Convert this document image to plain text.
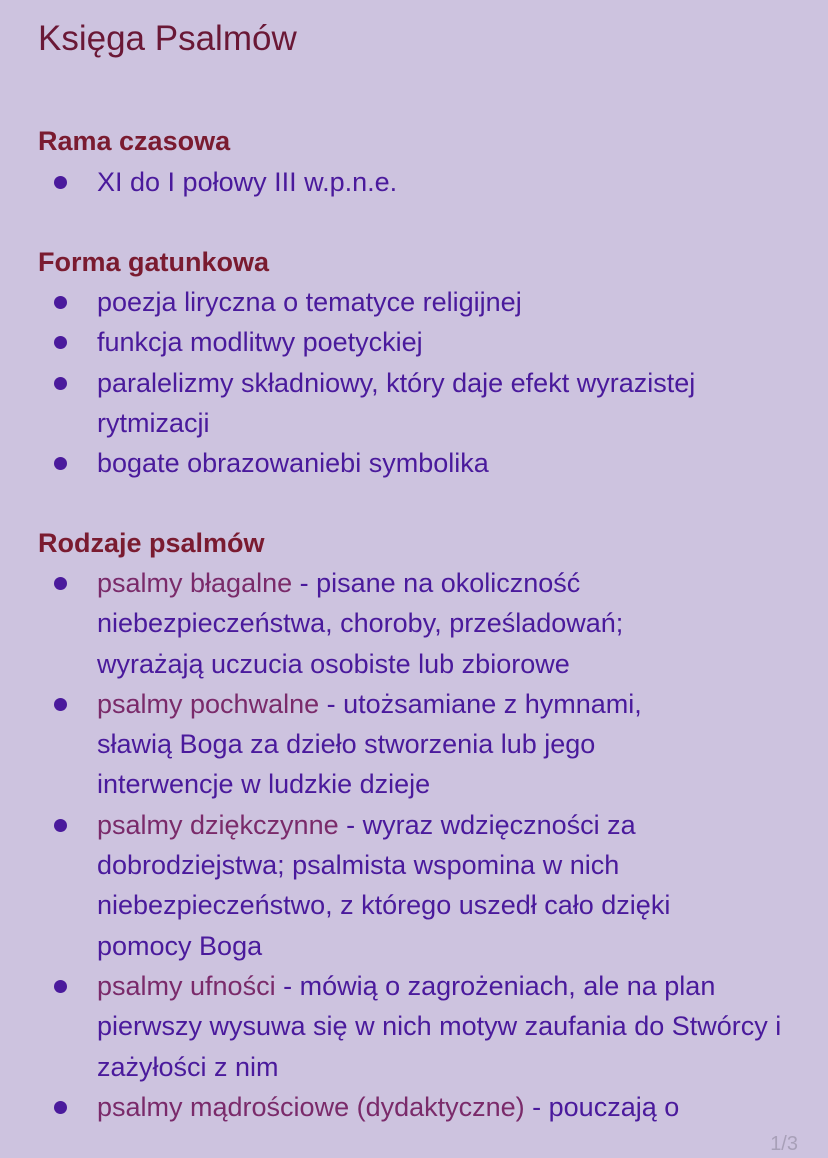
Księga Psalmów
Rama czasowa
XI do I połowy III w.p.n.e.
Forma gatunkowa
poezja liryczna o tematyce religijnej
funkcja modlitwy poetyckiej
paralelizmy składniowy, który daje efekt wyrazistej rytmizacji
bogate obrazowaniebi symbolika
Rodzaje psalmów
psalmy błagalne - pisane na okoliczność niebezpieczeństwa, choroby, prześladowań; wyrażają uczucia osobiste lub zbiorowe
psalmy pochwalne - utożsamiane z hymnami, sławią Boga za dzieło stworzenia lub jego interwencje w ludzkie dzieje
psalmy dziękczynne - wyraz wdzięczności za dobrodziejstwa; psalmista wspomina w nich niebezpieczeństwo, z którego uszedł cało dzięki pomocy Boga
psalmy ufności - mówią o zagrożeniach, ale na plan pierwszy wysuwa się w nich motyw zaufania do Stwórcy i zażyłości z nim
psalmy mądrościowe (dydaktyczne) - pouczają o
1/3
